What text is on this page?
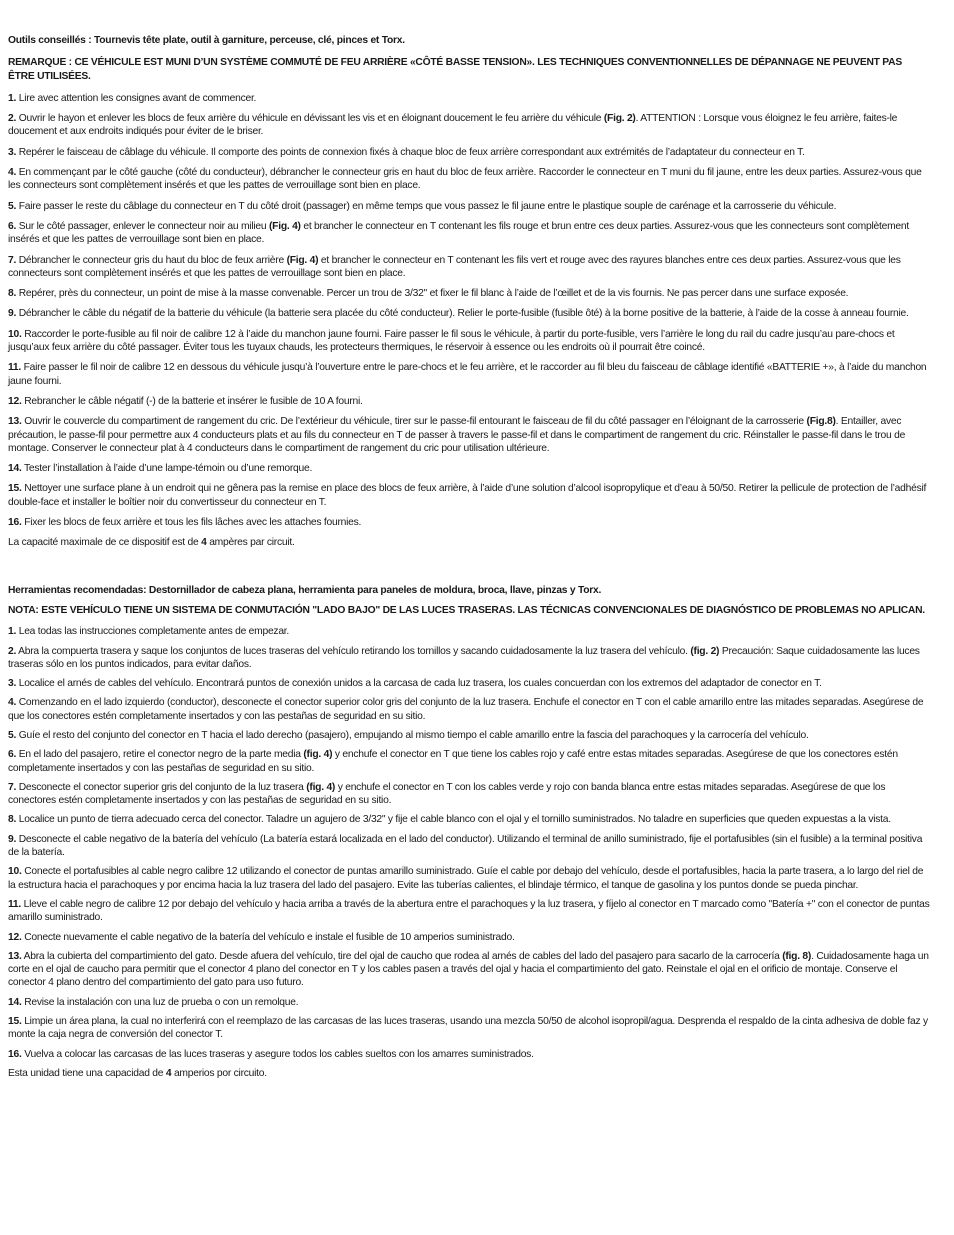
Outils conseillés : Tournevis tête plate, outil à garniture, perceuse, clé, pinces et Torx.

REMARQUE : CE VÉHICULE EST MUNI D’UN SYSTÈME COMMUTÉ DE FEU ARRIÈRE «CÔTÉ BASSE TENSION». LES TECHNIQUES CONVENTIONNELLES DE DÉPANNAGE NE PEUVENT PAS ÊTRE UTILISÉES.

1. Lire avec attention les consignes avant de commencer.
2. Ouvrir le hayon et enlever les blocs de feux arrière du véhicule en dévissant les vis et en éloignant doucement le feu arrière du véhicule (Fig. 2). ATTENTION : Lorsque vous éloignez le feu arrière, faites-le doucement et aux endroits indiqués pour éviter de le briser.
3. Repérer le faisceau de câblage du véhicule. Il comporte des points de connexion fixés à chaque bloc de feux arrière correspondant aux extrémités de l’adaptateur du connecteur en T.
4. En commençant par le côté gauche (côté du conducteur), débrancher le connecteur gris en haut du bloc de feux arrière. Raccorder le connecteur en T muni du fil jaune, entre les deux parties. Assurez-vous que les connecteurs sont complètement insérés et que les pattes de verrouillage sont bien en place.
5. Faire passer le reste du câblage du connecteur en T du côté droit (passager) en même temps que vous passez le fil jaune entre le plastique souple de carénage et la carrosserie du véhicule.
6. Sur le côté passager, enlever le connecteur noir au milieu (Fig. 4) et brancher le connecteur en T contenant les fils rouge et brun entre ces deux parties. Assurez-vous que les connecteurs sont complètement insérés et que les pattes de verrouillage sont bien en place.
7. Débrancher le connecteur gris du haut du bloc de feux arrière (Fig. 4) et brancher le connecteur en T contenant les fils vert et rouge avec des rayures blanches entre ces deux parties. Assurez-vous que les connecteurs sont complètement insérés et que les pattes de verrouillage sont bien en place.
8. Repérer, près du connecteur, un point de mise à la masse convenable. Percer un trou de 3/32" et fixer le fil blanc à l’aide de l’œillet et de la vis fournis. Ne pas percer dans une surface exposée.
9. Débrancher le câble du négatif de la batterie du véhicule (la batterie sera placée du côté conducteur). Relier le porte-fusible (fusible ôté) à la borne positive de la batterie, à l’aide de la cosse à anneau fournie.
10. Raccorder le porte-fusible au fil noir de calibre 12 à l’aide du manchon jaune fourni. Faire passer le fil sous le véhicule, à partir du porte-fusible, vers l’arrière le long du rail du cadre jusqu’au pare-chocs et jusqu’aux feux arrière du côté passager. Éviter tous les tuyaux chauds, les protecteurs thermiques, le réservoir à essence ou les endroits où il pourrait être coincé.
11. Faire passer le fil noir de calibre 12 en dessous du véhicule jusqu’à l’ouverture entre le pare-chocs et le feu arrière, et le raccorder au fil bleu du faisceau de câblage identifié «BATTERIE +», à l’aide du manchon jaune fourni.
12. Rebrancher le câble négatif (-) de la batterie et insérer le fusible de 10 A fourni.
13. Ouvrir le couvercle du compartiment de rangement du cric. De l’extérieur du véhicule, tirer sur le passe-fil entourant le faisceau de fil du côté passager en l’éloignant de la carrosserie (Fig.8). Entailler, avec précaution, le passe-fil pour permettre aux 4 conducteurs plats et au fils du connecteur en T de passer à travers le passe-fil et dans le compartiment de rangement du cric. Réinstaller le passe-fil dans le trou de montage. Conserver le connecteur plat à 4 conducteurs dans le compartiment de rangement du cric pour utilisation ultérieure.
14. Tester l’installation à l’aide d’une lampe-témoin ou d’une remorque.
15. Nettoyer une surface plane à un endroit qui ne gênera pas la remise en place des blocs de feux arrière, à l’aide d’une solution d’alcool isopropylique et d’eau à 50/50. Retirer la pellicule de protection de l’adhésif double-face et installer le boîtier noir du convertisseur du connecteur en T.
16. Fixer les blocs de feux arrière et tous les fils lâches avec les attaches fournies.

La capacité maximale de ce dispositif est de 4 ampères par circuit.

Herramientas recomendadas: Destornillador de cabeza plana, herramienta para paneles de moldura, broca, llave, pinzas y Torx.

NOTA: ESTE VEHÍCULO TIENE UN SISTEMA DE CONMUTACIÓN "LADO BAJO" DE LAS LUCES TRASERAS. LAS TÉCNICAS CONVENCIONALES DE DIAGNÓSTICO DE PROBLEMAS NO APLICAN.

1. Lea todas las instrucciones completamente antes de empezar.
2. Abra la compuerta trasera y saque los conjuntos de luces traseras del vehículo retirando los tornillos y sacando cuidadosamente la luz trasera del vehículo. (fig. 2) Precaución: Saque cuidadosamente las luces traseras sólo en los puntos indicados, para evitar daños.
3. Localice el arnés de cables del vehículo. Encontrará puntos de conexión unidos a la carcasa de cada luz trasera, los cuales concuerdan con los extremos del adaptador de conector en T.
4. Comenzando en el lado izquierdo (conductor), desconecte el conector superior color gris del conjunto de la luz trasera. Enchufe el conector en T con el cable amarillo entre las mitades separadas. Asegúrese de que los conectores estén completamente insertados y con las pestañas de seguridad en su sitio.
5. Guíe el resto del conjunto del conector en T hacia el lado derecho (pasajero), empujando al mismo tiempo el cable amarillo entre la fascia del parachoques y la carrocería del vehículo.
6. En el lado del pasajero, retire el conector negro de la parte media (fig. 4) y enchufe el conector en T que tiene los cables rojo y café entre estas mitades separadas. Asegúrese de que los conectores estén completamente insertados y con las pestañas de seguridad en su sitio.
7. Desconecte el conector superior gris del conjunto de la luz trasera (fig. 4) y enchufe el conector en T con los cables verde y rojo con banda blanca entre estas mitades separadas. Asegúrese de que los conectores estén completamente insertados y con las pestañas de seguridad en su sitio.
8. Localice un punto de tierra adecuado cerca del conector. Taladre un agujero de 3/32" y fije el cable blanco con el ojal y el tornillo suministrados. No taladre en superficies que queden expuestas a la vista.
9. Desconecte el cable negativo de la batería del vehículo (La batería estará localizada en el lado del conductor). Utilizando el terminal de anillo suministrado, fije el portafusibles (sin el fusible) a la terminal positiva de la batería.
10. Conecte el portafusibles al cable negro calibre 12 utilizando el conector de puntas amarillo suministrado. Guíe el cable por debajo del vehículo, desde el portafusibles, hacia la parte trasera, a lo largo del riel de la estructura hacia el parachoques y por encima hacia la luz trasera del lado del pasajero. Evite las tuberías calientes, el blindaje térmico, el tanque de gasolina y los puntos donde se pueda pinchar.
11. Lleve el cable negro de calibre 12 por debajo del vehículo y hacia arriba a través de la abertura entre el parachoques y la luz trasera, y fíjelo al conector en T marcado como "Batería +" con el conector de puntas amarillo suministrado.
12. Conecte nuevamente el cable negativo de la batería del vehículo e instale el fusible de 10 amperios suministrado.
13. Abra la cubierta del compartimiento del gato. Desde afuera del vehículo, tire del ojal de caucho que rodea al arnés de cables del lado del pasajero para sacarlo de la carrocería (fig. 8). Cuidadosamente haga un corte en el ojal de caucho para permitir que el conector 4 plano del conector en T y los cables pasen a través del ojal y hacia el compartimiento del gato. Reinstale el ojal en el orificio de montaje. Conserve el conector 4 plano dentro del compartimiento del gato para uso futuro.
14. Revise la instalación con una luz de prueba o con un remolque.
15. Limpie un área plana, la cual no interferirá con el reemplazo de las carcasas de las luces traseras, usando una mezcla 50/50 de alcohol isopropil/agua. Desprenda el respaldo de la cinta adhesiva de doble faz y monte la caja negra de conversión del conector T.
16. Vuelva a colocar las carcasas de las luces traseras y asegure todos los cables sueltos con los amarres suministrados.

Esta unidad tiene una capacidad de 4 amperios por circuito.
